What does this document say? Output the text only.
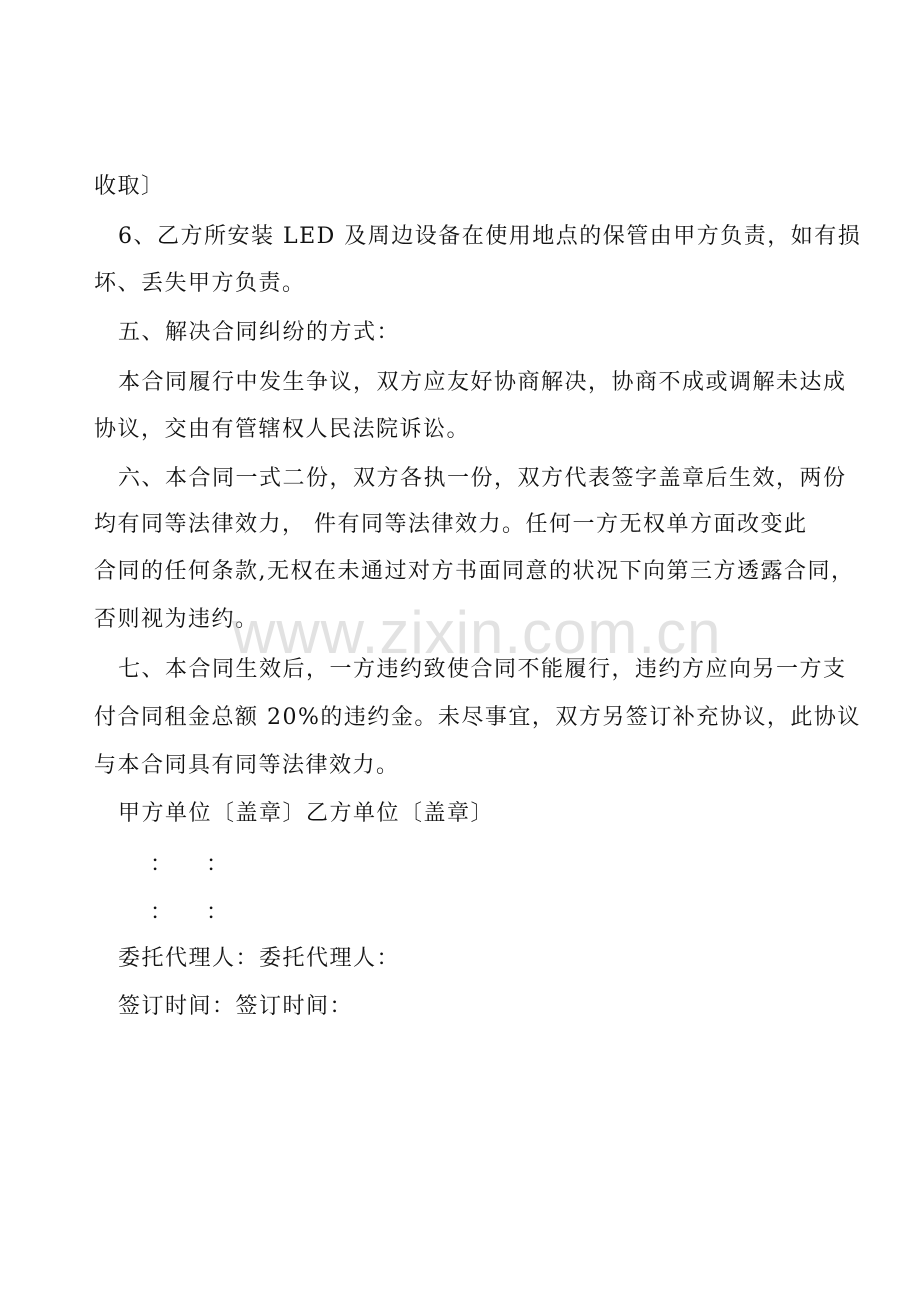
收取〕
6、乙方所安装 LED 及周边设备在使用地点的保管由甲方负责，如有损
坏、丢失甲方负责。
五、解决合同纠纷的方式：
本合同履行中发生争议，双方应友好协商解决，协商不成或调解未达成
协议，交由有管辖权人民法院诉讼。
六、本合同一式二份，双方各执一份，双方代表签字盖章后生效，两份
均有同等法律效力， 件有同等法律效力。任何一方无权单方面改变此
合同的任何条款,无权在未通过对方书面同意的状况下向第三方透露合同，
否则视为违约。
七、本合同生效后，一方违约致使合同不能履行，违约方应向另一方支
付合同租金总额 20%的违约金。未尽事宜，双方另签订补充协议，此协议
与本合同具有同等法律效力。
甲方单位〔盖章〕乙方单位〔盖章〕
： ：
： ：
委托代理人：委托代理人：
签订时间：签订时间：
www.zixin.com.cn
